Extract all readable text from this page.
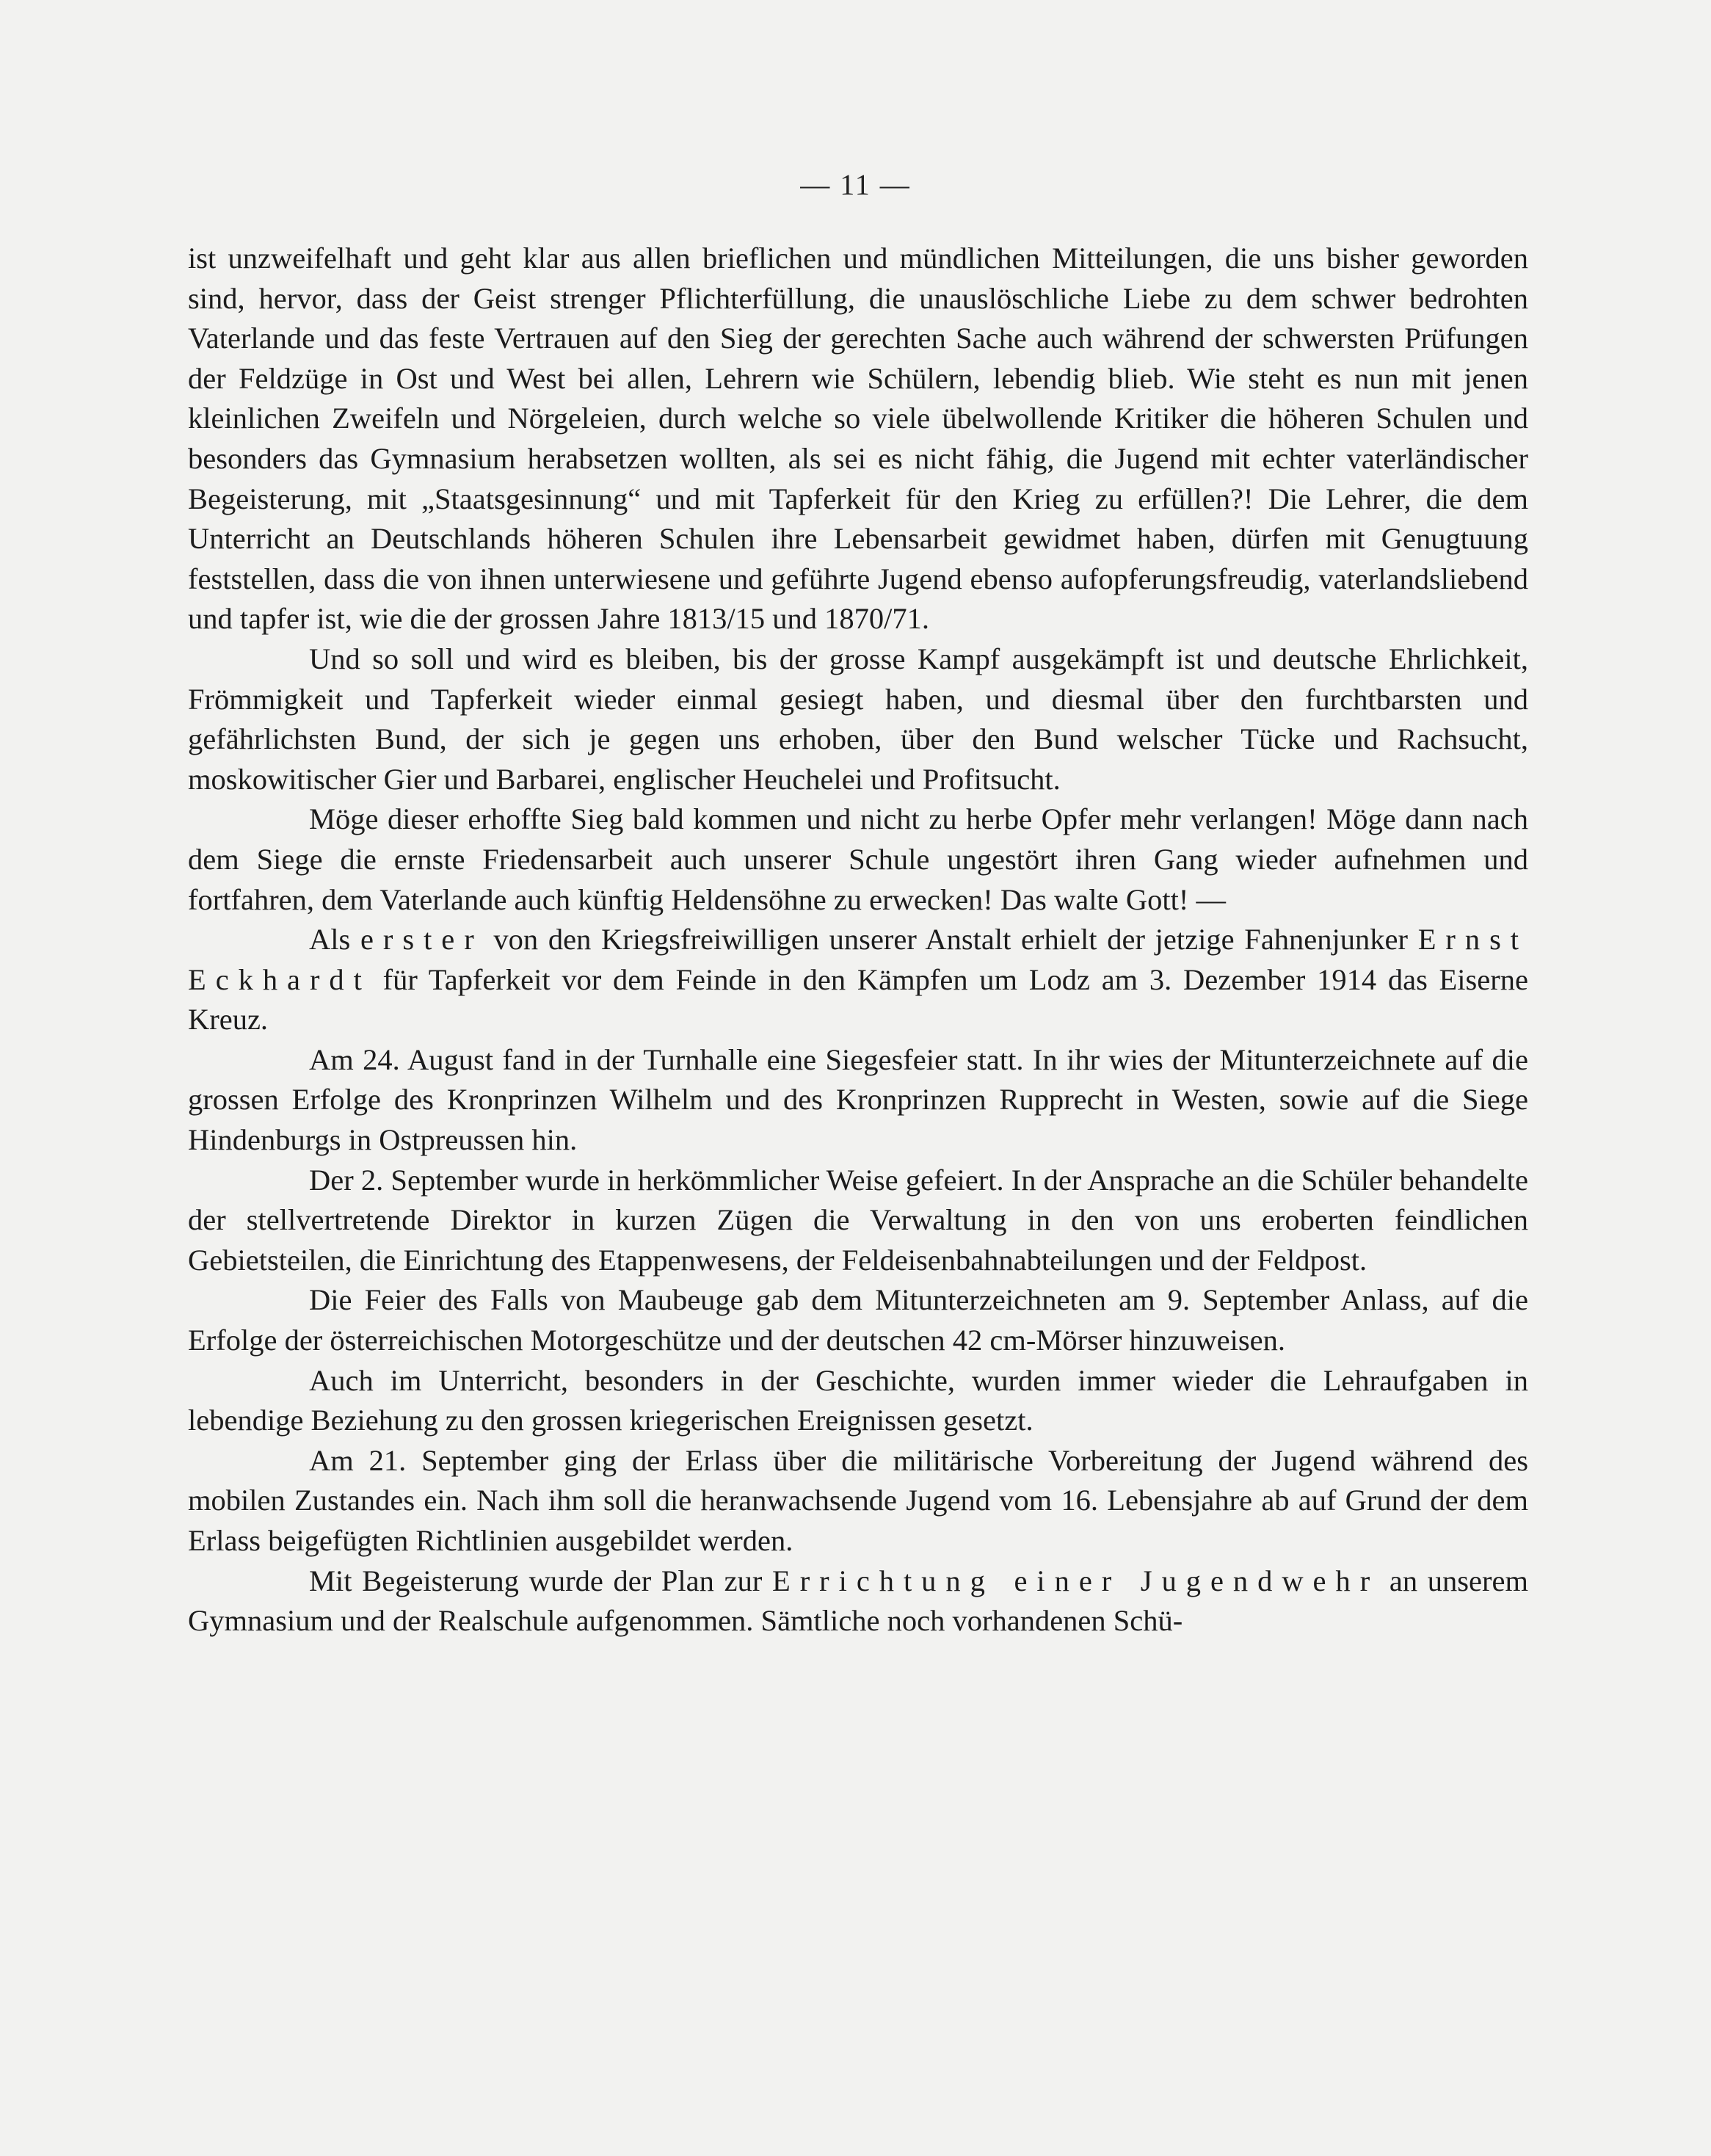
— 11 —

ist unzweifelhaft und geht klar aus allen brieflichen und mündlichen Mitteilungen, die uns bisher geworden sind, hervor, dass der Geist strenger Pflichterfüllung, die unauslöschliche Liebe zu dem schwer bedrohten Vaterlande und das feste Vertrauen auf den Sieg der gerechten Sache auch während der schwersten Prüfungen der Feldzüge in Ost und West bei allen, Lehrern wie Schülern, lebendig blieb. Wie steht es nun mit jenen kleinlichen Zweifeln und Nörgeleien, durch welche so viele übelwollende Kritiker die höheren Schulen und besonders das Gymnasium herabsetzen wollten, als sei es nicht fähig, die Jugend mit echter vaterländischer Begeisterung, mit „Staatsgesinnung“ und mit Tapferkeit für den Krieg zu erfüllen?! Die Lehrer, die dem Unterricht an Deutschlands höheren Schulen ihre Lebensarbeit gewidmet haben, dürfen mit Genugtuung feststellen, dass die von ihnen unterwiesene und geführte Jugend ebenso aufopferungsfreudig, vaterlandsliebend und tapfer ist, wie die der grossen Jahre 1813/15 und 1870/71.

Und so soll und wird es bleiben, bis der grosse Kampf ausgekämpft ist und deutsche Ehrlichkeit, Frömmigkeit und Tapferkeit wieder einmal gesiegt haben, und diesmal über den furchtbarsten und gefährlichsten Bund, der sich je gegen uns erhoben, über den Bund welscher Tücke und Rachsucht, moskowitischer Gier und Barbarei, englischer Heuchelei und Profitsucht.

Möge dieser erhoffte Sieg bald kommen und nicht zu herbe Opfer mehr verlangen! Möge dann nach dem Siege die ernste Friedensarbeit auch unserer Schule ungestört ihren Gang wieder aufnehmen und fortfahren, dem Vaterlande auch künftig Heldensöhne zu erwecken! Das walte Gott! —

Als erster von den Kriegsfreiwilligen unserer Anstalt erhielt der jetzige Fahnenjunker Ernst Eckhardt für Tapferkeit vor dem Feinde in den Kämpfen um Lodz am 3. Dezember 1914 das Eiserne Kreuz.

Am 24. August fand in der Turnhalle eine Siegesfeier statt. In ihr wies der Mitunterzeichnete auf die grossen Erfolge des Kronprinzen Wilhelm und des Kronprinzen Rupprecht in Westen, sowie auf die Siege Hindenburgs in Ostpreussen hin.

Der 2. September wurde in herkömmlicher Weise gefeiert. In der Ansprache an die Schüler behandelte der stellvertretende Direktor in kurzen Zügen die Verwaltung in den von uns eroberten feindlichen Gebietsteilen, die Einrichtung des Etappenwesens, der Feldeisenbahnabteilungen und der Feldpost.

Die Feier des Falls von Maubeuge gab dem Mitunterzeichneten am 9. September Anlass, auf die Erfolge der österreichischen Motorgeschütze und der deutschen 42 cm-Mörser hinzuweisen.

Auch im Unterricht, besonders in der Geschichte, wurden immer wieder die Lehraufgaben in lebendige Beziehung zu den grossen kriegerischen Ereignissen gesetzt.

Am 21. September ging der Erlass über die militärische Vorbereitung der Jugend während des mobilen Zustandes ein. Nach ihm soll die heranwachsende Jugend vom 16. Lebensjahre ab auf Grund der dem Erlass beigefügten Richtlinien ausgebildet werden.

Mit Begeisterung wurde der Plan zur Errichtung einer Jugendwehr an unserem Gymnasium und der Realschule aufgenommen. Sämtliche noch vorhandenen Schü-
